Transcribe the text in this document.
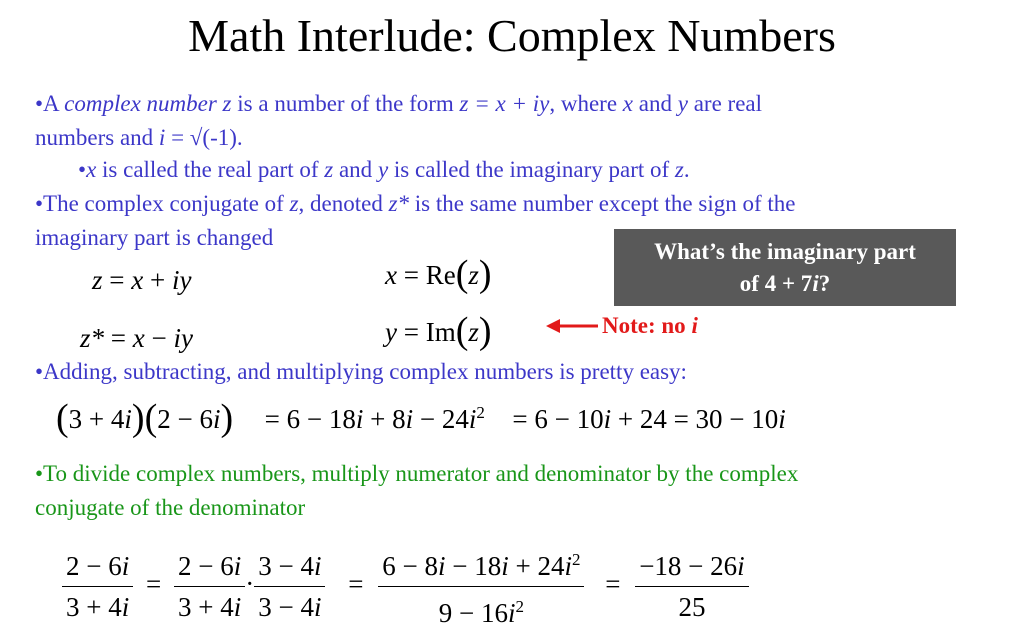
Math Interlude: Complex Numbers
•A complex number z is a number of the form z = x + iy, where x and y are real
numbers and i = √(-1).
•x is called the real part of z and y is called the imaginary part of z.
•The complex conjugate of z, denoted z* is the same number except the sign of the
imaginary part is changed
z = x + iy
z* = x − iy
x = Re(z)
y = Im(z)
What’s the imaginary part
of 4 + 7i?
Note: no i
•Adding, subtracting, and multiplying complex numbers is pretty easy:
$(3 + 4i)(2 - 6i) = 6 - 18i + 8i - 24i^2 = 6 - 10i + 24 = 30 - 10i$
•To divide complex numbers, multiply numerator and denominator by the complex
conjugate of the denominator
$\frac{2 - 6i}{3 + 4i} = \frac{2 - 6i}{3 + 4i} \cdot \frac{3 - 4i}{3 - 4i} = \frac{6 - 8i - 18i + 24i^2}{9 - 16i^2} = \frac{-18 - 26i}{25}$
